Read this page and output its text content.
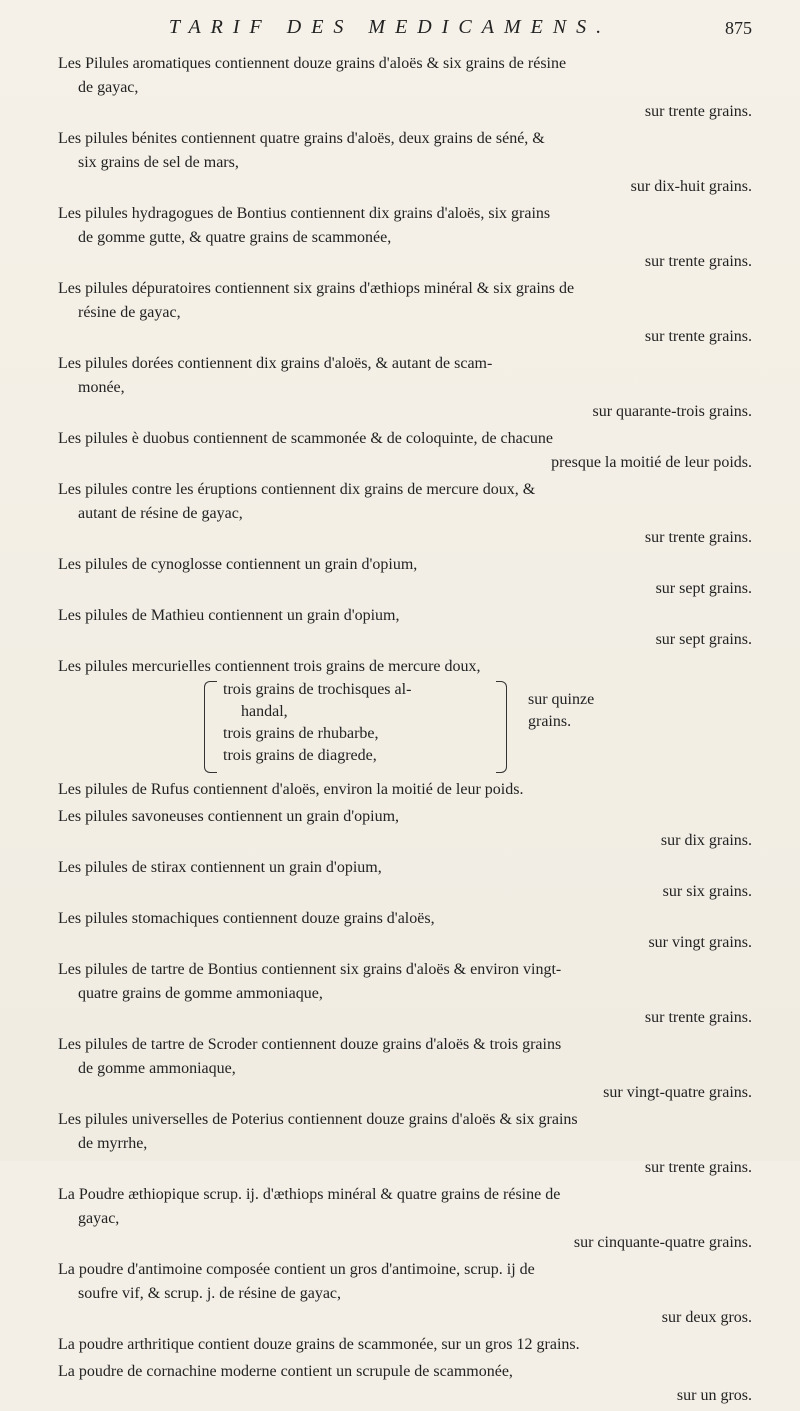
TARIF DES MEDICAMENS.	875

Les Pilules aromatiques contiennent douze grains d'aloës & six grains de résine

de gayac,

sur trente grains.

Les pilules bénites contiennent quatre grains d'aloës, deux grains de séné, &

six grains de sel de mars,

sur dix-huit grains.

Les pilules hydragogues de Bontius contiennent dix grains d'aloës, six grains

de gomme gutte, & quatre grains de scammonée,

sur trente grains.

Les pilules dépuratoires contiennent six grains d'æthiops minéral & six grains de

résine de gayac,

sur trente grains.

Les pilules dorées contiennent dix grains d'aloës, & autant de scam-

monée,

sur quarante-trois grains.

Les pilules è duobus contiennent de scammonée & de coloquinte, de chacune

presque la moitié de leur poids.

Les pilules contre les éruptions contiennent dix grains de mercure doux, &

autant de résine de gayac,

sur trente grains.

Les pilules de cynoglosse contiennent un grain d'opium,

sur sept grains.

Les pilules de Mathieu contiennent un grain d'opium,

sur sept grains.

Les pilules mercurielles contiennent trois grains de mercure doux,

trois grains de trochisques al-

handal,

trois grains de rhubarbe,

trois grains de diagrede,

sur quinze grains.

Les pilules de Rufus contiennent d'aloës, environ la moitié de leur poids.

Les pilules savoneuses contiennent un grain d'opium,

sur dix grains.

Les pilules de stirax contiennent un grain d'opium,

sur six grains.

Les pilules stomachiques contiennent douze grains d'aloës,

sur vingt grains.

Les pilules de tartre de Bontius contiennent six grains d'aloës & environ vingt-

quatre grains de gomme ammoniaque,

sur trente grains.

Les pilules de tartre de Scroder contiennent douze grains d'aloës & trois grains

de gomme ammoniaque,

sur vingt-quatre grains.

Les pilules universelles de Poterius contiennent douze grains d'aloës & six grains

de myrrhe,

sur trente grains.

La Poudre æthiopique scrup. ij. d'æthiops minéral & quatre grains de résine de

gayac,

sur cinquante-quatre grains.

La poudre d'antimoine composée contient un gros d'antimoine, scrup. ij de

soufre vif, & scrup. j. de résine de gayac,

sur deux gros.

La poudre arthritique contient douze grains de scammonée, sur un gros 12 grains.

La poudre de cornachine moderne contient un scrupule de scammonée,

sur un gros.
